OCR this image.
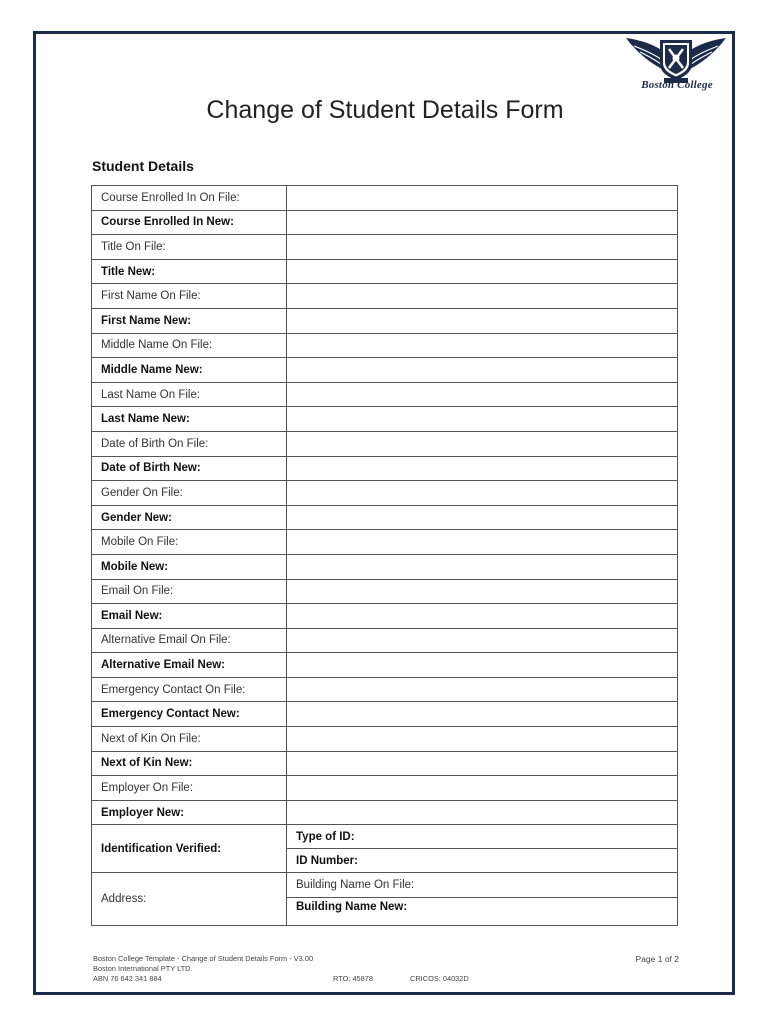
Boston College
Change of Student Details Form
Student Details
Course Enrolled In On File:	
Course Enrolled In New:	
Title On File:	
Title New:	
First Name On File:	
First Name New:	
Middle Name On File:	
Middle Name New:	
Last Name On File:	
Last Name New:	
Date of Birth On File:	
Date of Birth New:	
Gender On File:	
Gender New:	
Mobile On File:	
Mobile New:	
Email On File:	
Email New:	
Alternative Email On File:	
Alternative Email New:	
Emergency Contact On File:	
Emergency Contact New:	
Next of Kin On File:	
Next of Kin New:	
Employer On File:	
Employer New:	
Identification Verified:	Type of ID:
	ID Number:
Address:	Building Name On File:
	Building Name New:
Boston College Template - Change of Student Details Form - V3.00	Page 1 of 2
Boston International PTY LTD.
ABN 76 642 341 884	RTO: 45878	CRICOS: 04032D
